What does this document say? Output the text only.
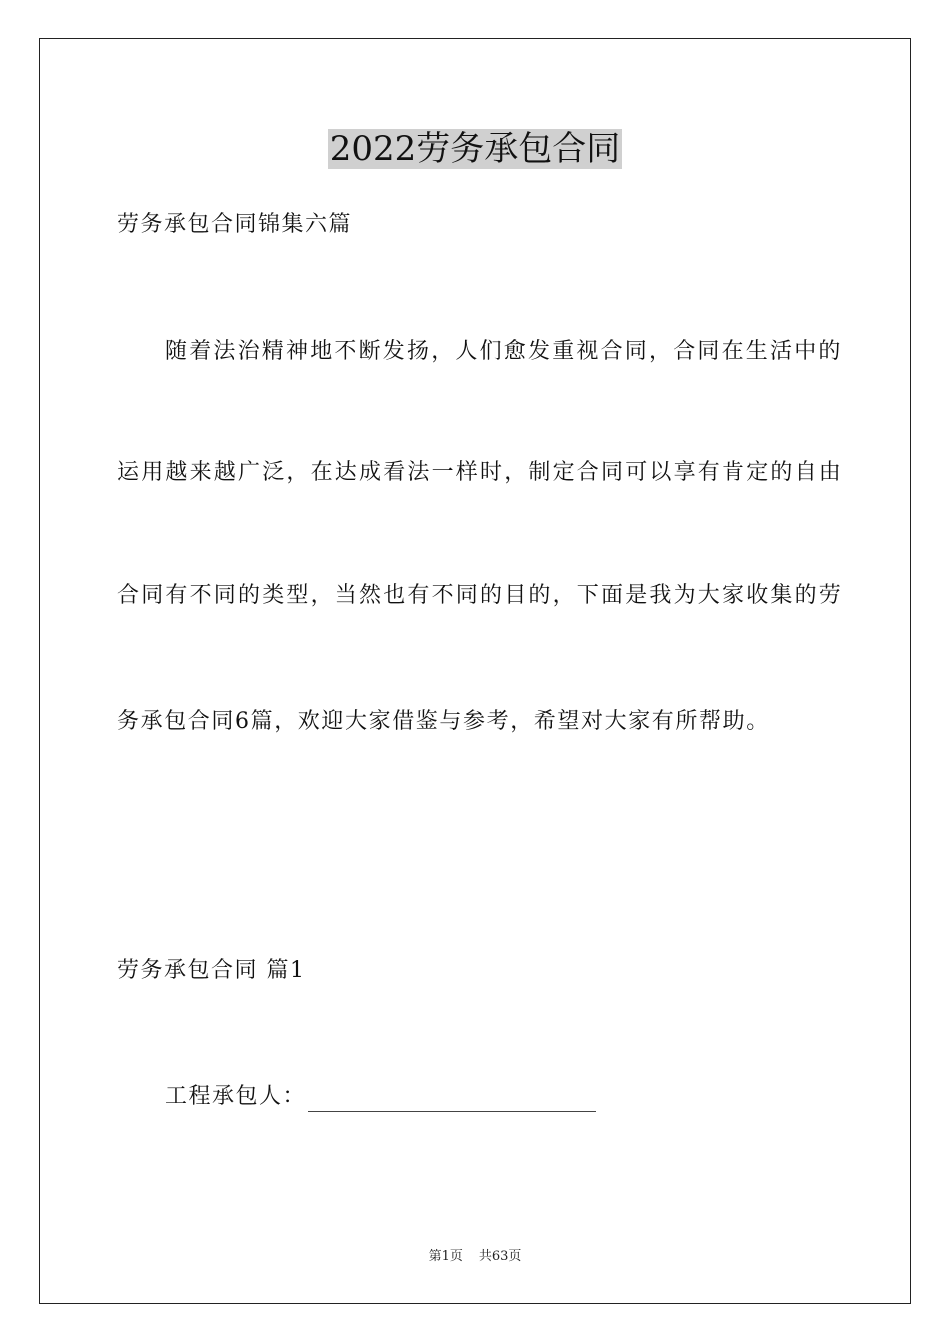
2022劳务承包合同
劳务承包合同锦集六篇
随着法治精神地不断发扬，人们愈发重视合同，合同在生活中的
运用越来越广泛，在达成看法一样时，制定合同可以享有肯定的自由
合同有不同的类型，当然也有不同的目的，下面是我为大家收集的劳
务承包合同6篇，欢迎大家借鉴与参考，希望对大家有所帮助。
劳务承包合同 篇1
工程承包人：
第1页 共63页
